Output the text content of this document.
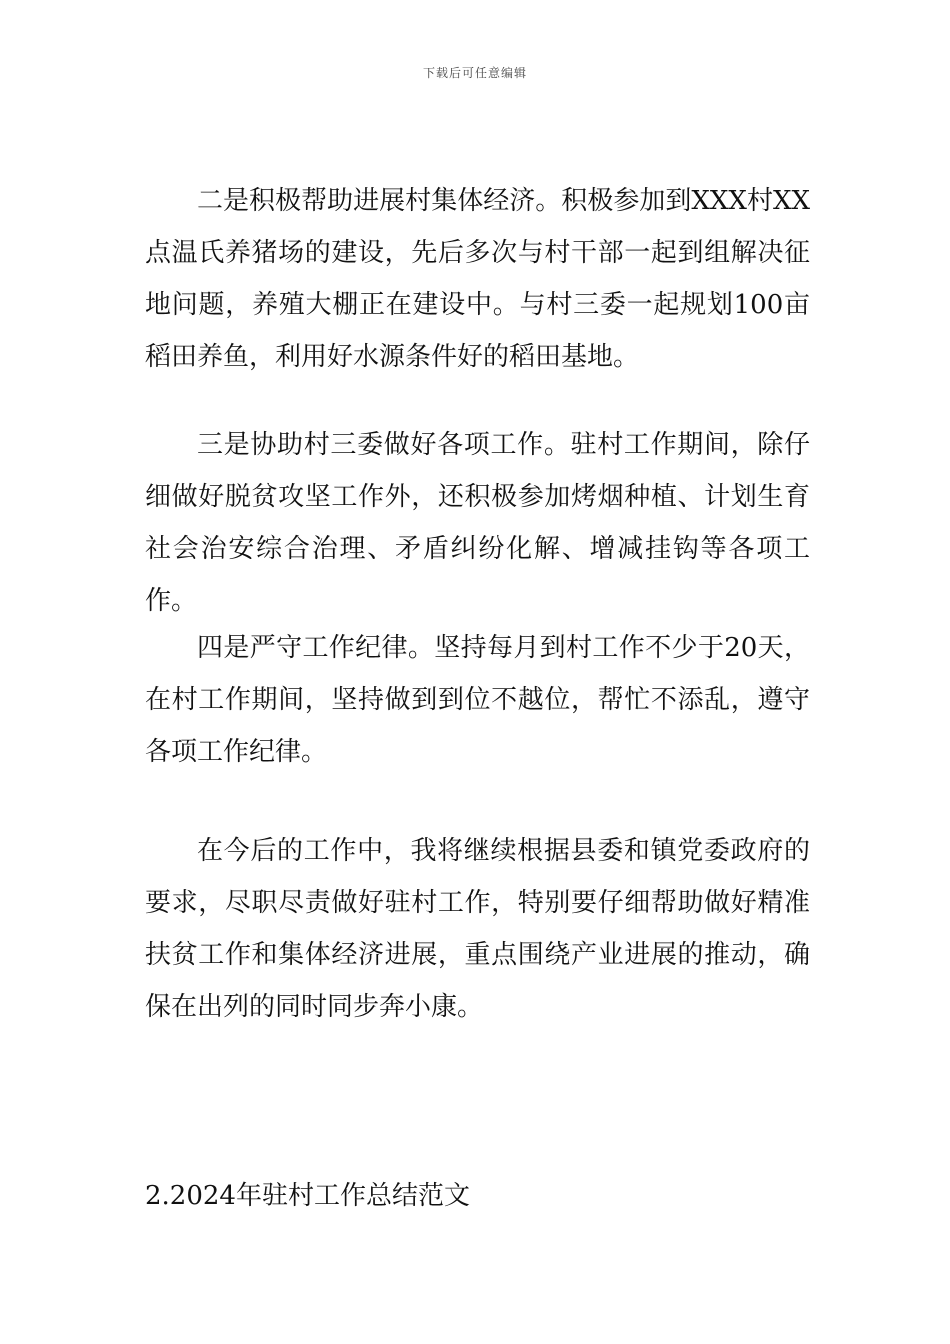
下载后可任意编辑

二是积极帮助进展村集体经济。积极参加到XXX村XX点温氏养猪场的建设，先后多次与村干部一起到组解决征地问题，养殖大棚正在建设中。与村三委一起规划100亩稻田养鱼，利用好水源条件好的稻田基地。

三是协助村三委做好各项工作。驻村工作期间，除仔细做好脱贫攻坚工作外，还积极参加烤烟种植、计划生育社会治安综合治理、矛盾纠纷化解、增减挂钩等各项工作。

四是严守工作纪律。坚持每月到村工作不少于20天，在村工作期间，坚持做到到位不越位，帮忙不添乱，遵守各项工作纪律。

在今后的工作中，我将继续根据县委和镇党委政府的要求，尽职尽责做好驻村工作，特别要仔细帮助做好精准扶贫工作和集体经济进展，重点围绕产业进展的推动，确保在出列的同时同步奔小康。

2.2024年驻村工作总结范文
